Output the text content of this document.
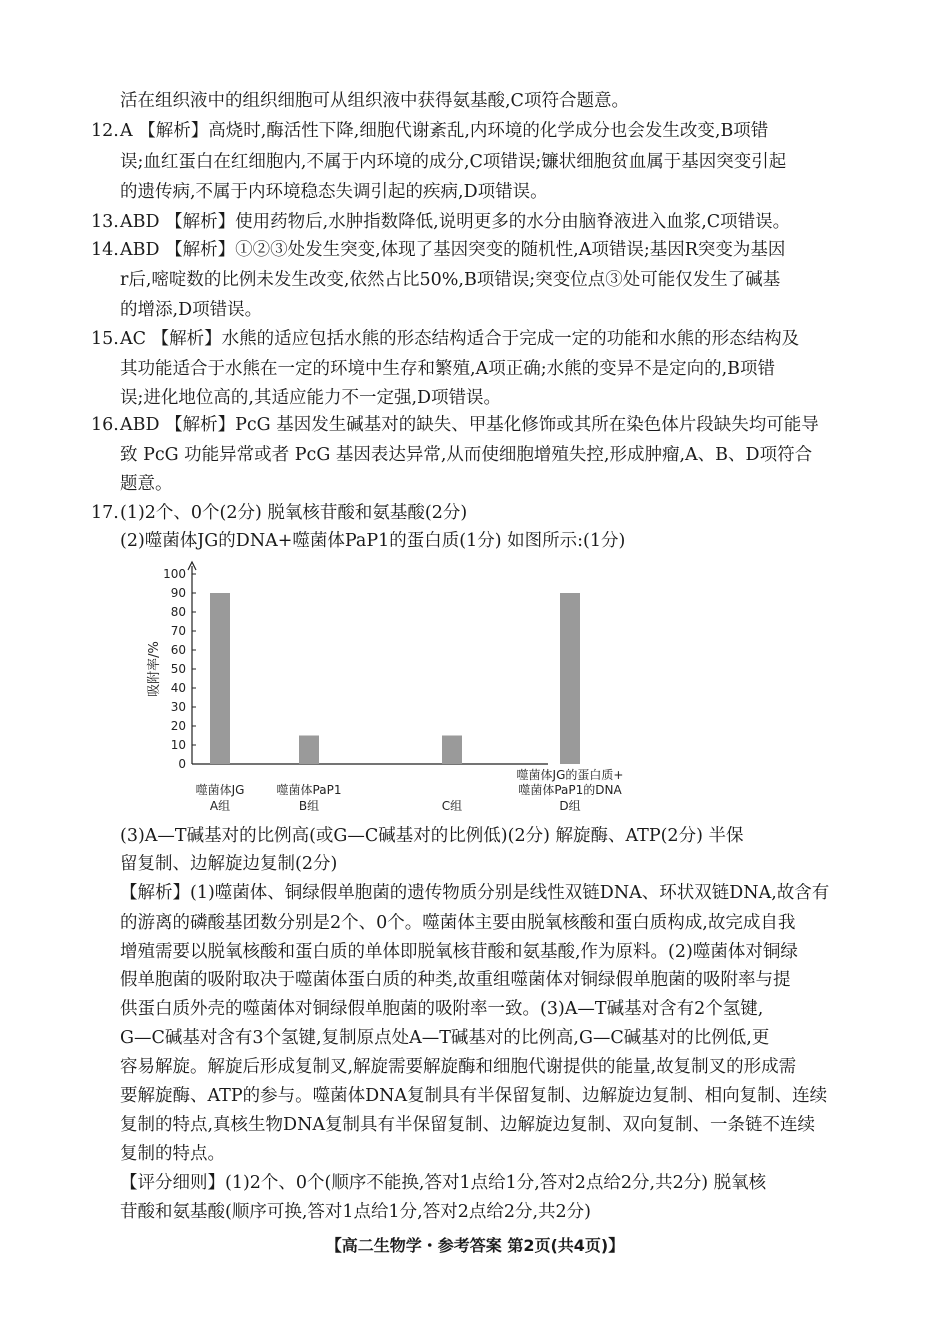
活在组织液中的组织细胞可从组织液中获得氨基酸,C项符合题意。
12. A 【解析】高烧时,酶活性下降,细胞代谢紊乱,内环境的化学成分也会发生改变,B项错
误;血红蛋白在红细胞内,不属于内环境的成分,C项错误;镰状细胞贫血属于基因突变引起
的遗传病,不属于内环境稳态失调引起的疾病,D项错误。
13. ABD 【解析】使用药物后,水肿指数降低,说明更多的水分由脑脊液进入血浆,C项错误。
14. ABD 【解析】①②③处发生突变,体现了基因突变的随机性,A项错误;基因R突变为基因
r后,嘧啶数的比例未发生改变,依然占比50%,B项错误;突变位点③处可能仅发生了碱基
的增添,D项错误。
15. AC 【解析】水熊的适应包括水熊的形态结构适合于完成一定的功能和水熊的形态结构及
其功能适合于水熊在一定的环境中生存和繁殖,A项正确;水熊的变异不是定向的,B项错
误;进化地位高的,其适应能力不一定强,D项错误。
16. ABD 【解析】PcG 基因发生碱基对的缺失、甲基化修饰或其所在染色体片段缺失均可能导
致 PcG 功能异常或者 PcG 基因表达异常,从而使细胞增殖失控,形成肿瘤,A、B、D项符合
题意。
17. (1)2个、0个(2分) 脱氧核苷酸和氨基酸(2分)
(2)噬菌体JG的DNA+噬菌体PaP1的蛋白质(1分) 如图所示:(1分)
(3)A—T碱基对的比例高(或G—C碱基对的比例低)(2分) 解旋酶、ATP(2分) 半保
留复制、边解旋边复制(2分)
【解析】(1)噬菌体、铜绿假单胞菌的遗传物质分别是线性双链DNA、环状双链DNA,故含有
的游离的磷酸基团数分别是2个、0个。噬菌体主要由脱氧核酸和蛋白质构成,故完成自我
增殖需要以脱氧核酸和蛋白质的单体即脱氧核苷酸和氨基酸,作为原料。(2)噬菌体对铜绿
假单胞菌的吸附取决于噬菌体蛋白质的种类,故重组噬菌体对铜绿假单胞菌的吸附率与提
供蛋白质外壳的噬菌体对铜绿假单胞菌的吸附率一致。(3)A—T碱基对含有2个氢键,
G—C碱基对含有3个氢键,复制原点处A—T碱基对的比例高,G—C碱基对的比例低,更
容易解旋。解旋后形成复制叉,解旋需要解旋酶和细胞代谢提供的能量,故复制叉的形成需
要解旋酶、ATP的参与。噬菌体DNA复制具有半保留复制、边解旋边复制、相向复制、连续
复制的特点,真核生物DNA复制具有半保留复制、边解旋边复制、双向复制、一条链不连续
复制的特点。
【评分细则】(1)2个、0个(顺序不能换,答对1点给1分,答对2点给2分,共2分) 脱氧核
苷酸和氨基酸(顺序可换,答对1点给1分,答对2点给2分,共2分)
0
10
20
30
40
50
60
70
80
90
100
吸附率/%
噬菌体JG
A组
噬菌体PaP1
B组	C组
噬菌体JG的蛋白质+
噬菌体PaP1的DNA
D组
【高二生物学・参考答案 第2页(共4页)】
